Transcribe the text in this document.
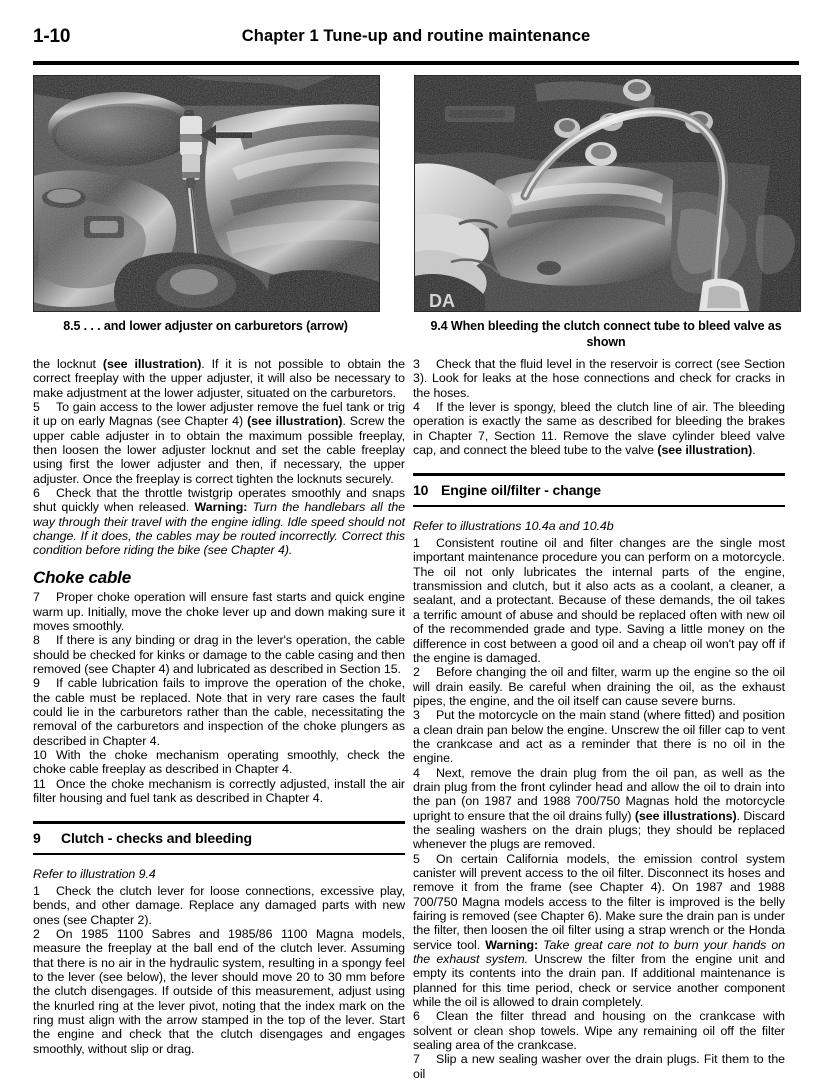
1-10	Chapter 1 Tune-up and routine maintenance
DA
8.5 . . . and lower adjuster on carburetors (arrow)	9.4 When bleeding the clutch connect tube to bleed valve as shown

the locknut (see illustration). If it is not possible to obtain the correct freeplay with the upper adjuster, it will also be necessary to make adjustment at the lower adjuster, situated on the carburetors.

5 To gain access to the lower adjuster remove the fuel tank or trig it up on early Magnas (see Chapter 4) (see illustration). Screw the upper cable adjuster in to obtain the maximum possible freeplay, then loosen the lower adjuster locknut and set the cable freeplay using first the lower adjuster and then, if necessary, the upper adjuster. Once the freeplay is correct tighten the locknuts securely.

6 Check that the throttle twistgrip operates smoothly and snaps shut quickly when released. Warning: Turn the handlebars all the way through their travel with the engine idling. Idle speed should not change. If it does, the cables may be routed incorrectly. Correct this condition before riding the bike (see Chapter 4).

Choke cable

7 Proper choke operation will ensure fast starts and quick engine warm up. Initially, move the choke lever up and down making sure it moves smoothly.

8 If there is any binding or drag in the lever's operation, the cable should be checked for kinks or damage to the cable casing and then removed (see Chapter 4) and lubricated as described in Section 15.

9 If cable lubrication fails to improve the operation of the choke, the cable must be replaced. Note that in very rare cases the fault could lie in the carburetors rather than the cable, necessitating the removal of the carburetors and inspection of the choke plungers as described in Chapter 4.

10 With the choke mechanism operating smoothly, check the choke cable freeplay as described in Chapter 4.

11 Once the choke mechanism is correctly adjusted, install the air filter housing and fuel tank as described in Chapter 4.

9 Clutch - checks and bleeding
Refer to illustration 9.4

1 Check the clutch lever for loose connections, excessive play, bends, and other damage. Replace any damaged parts with new ones (see Chapter 2).

2 On 1985 1100 Sabres and 1985/86 1100 Magna models, measure the freeplay at the ball end of the clutch lever. Assuming that there is no air in the hydraulic system, resulting in a spongy feel to the lever (see below), the lever should move 20 to 30 mm before the clutch disengages. If outside of this measurement, adjust using the knurled ring at the lever pivot, noting that the index mark on the ring must align with the arrow stamped in the top of the lever. Start the engine and check that the clutch disengages and engages smoothly, without slip or drag.

3 Check that the fluid level in the reservoir is correct (see Section 3). Look for leaks at the hose connections and check for cracks in the hoses.

4 If the lever is spongy, bleed the clutch line of air. The bleeding operation is exactly the same as described for bleeding the brakes in Chapter 7, Section 11. Remove the slave cylinder bleed valve cap, and connect the bleed tube to the valve (see illustration).

10 Engine oil/filter - change
Refer to illustrations 10.4a and 10.4b

1 Consistent routine oil and filter changes are the single most important maintenance procedure you can perform on a motorcycle. The oil not only lubricates the internal parts of the engine, transmission and clutch, but it also acts as a coolant, a cleaner, a sealant, and a protectant. Because of these demands, the oil takes a terrific amount of abuse and should be replaced often with new oil of the recommended grade and type. Saving a little money on the difference in cost between a good oil and a cheap oil won't pay off if the engine is damaged.

2 Before changing the oil and filter, warm up the engine so the oil will drain easily. Be careful when draining the oil, as the exhaust pipes, the engine, and the oil itself can cause severe burns.

3 Put the motorcycle on the main stand (where fitted) and position a clean drain pan below the engine. Unscrew the oil filler cap to vent the crankcase and act as a reminder that there is no oil in the engine.

4 Next, remove the drain plug from the oil pan, as well as the drain plug from the front cylinder head and allow the oil to drain into the pan (on 1987 and 1988 700/750 Magnas hold the motorcycle upright to ensure that the oil drains fully) (see illustrations). Discard the sealing washers on the drain plugs; they should be replaced whenever the plugs are removed.

5 On certain California models, the emission control system canister will prevent access to the oil filter. Disconnect its hoses and remove it from the frame (see Chapter 4). On 1987 and 1988 700/750 Magna models access to the filter is improved is the belly fairing is removed (see Chapter 6). Make sure the drain pan is under the filter, then loosen the oil filter using a strap wrench or the Honda service tool. Warning: Take great care not to burn your hands on the exhaust system. Unscrew the filter from the engine unit and empty its contents into the drain pan. If additional maintenance is planned for this time period, check or service another component while the oil is allowed to drain completely.

6 Clean the filter thread and housing on the crankcase with solvent or clean shop towels. Wipe any remaining oil off the filter sealing area of the crankcase.

7 Slip a new sealing washer over the drain plugs. Fit them to the oil
